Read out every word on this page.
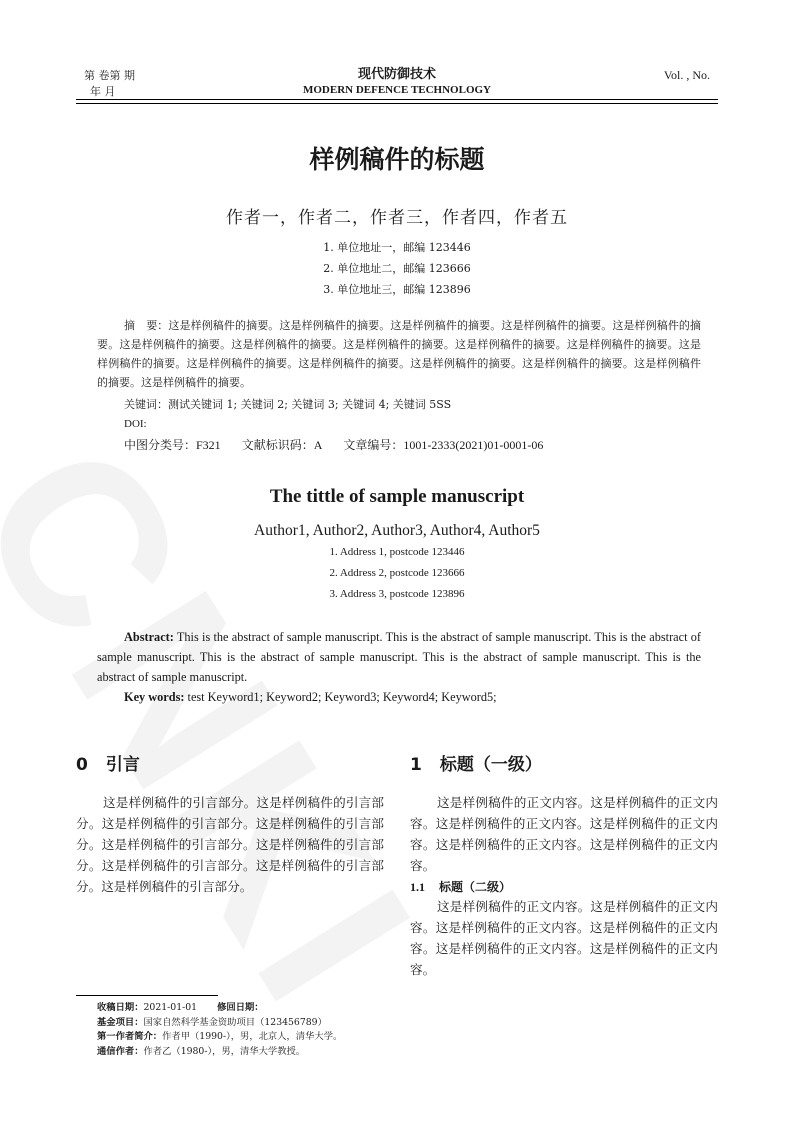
第 卷第 期
年 月
现代防御技术
MODERN DEFENCE TECHNOLOGY
Vol. , No.
样例稿件的标题
作者一，作者二，作者三，作者四，作者五
1. 单位地址一，邮编 123446
2. 单位地址二，邮编 123666
3. 单位地址三，邮编 123896
摘　要：这是样例稿件的摘要。这是样例稿件的摘要。这是样例稿件的摘要。这是样例稿件的摘要。这是样例稿件的摘要。这是样例稿件的摘要。这是样例稿件的摘要。这是样例稿件的摘要。这是样例稿件的摘要。这是样例稿件的摘要。这是样例稿件的摘要。这是样例稿件的摘要。这是样例稿件的摘要。这是样例稿件的摘要。这是样例稿件的摘要。这是样例稿件的摘要。这是样例稿件的摘要。
关键词：测试关键词 1; 关键词 2; 关键词 3; 关键词 4; 关键词 5SS
DOI:
中图分类号：F321 文献标识码：A 文章编号：1001-2333(2021)01-0001-06
The tittle of sample manuscript
Author1, Author2, Author3, Author4, Author5
1. Address 1, postcode 123446
2. Address 2, postcode 123666
3. Address 3, postcode 123896
Abstract: This is the abstract of sample manuscript. This is the abstract of sample manuscript. This is the abstract of sample manuscript. This is the abstract of sample manuscript. This is the abstract of sample manuscript. This is the abstract of sample manuscript.
Key words: test Keyword1; Keyword2; Keyword3; Keyword4; Keyword5;
0 引言
这是样例稿件的引言部分。这是样例稿件的引言部分。这是样例稿件的引言部分。这是样例稿件的引言部分。这是样例稿件的引言部分。这是样例稿件的引言部分。这是样例稿件的引言部分。这是样例稿件的引言部分。这是样例稿件的引言部分。
1 标题（一级）
这是样例稿件的正文内容。这是样例稿件的正文内容。这是样例稿件的正文内容。这是样例稿件的正文内容。这是样例稿件的正文内容。这是样例稿件的正文内容。
1.1 标题（二级）
这是样例稿件的正文内容。这是样例稿件的正文内容。这是样例稿件的正文内容。这是样例稿件的正文内容。这是样例稿件的正文内容。这是样例稿件的正文内容。
收稿日期：2021-01-01 修回日期：
基金项目：国家自然科学基金资助项目（123456789）
第一作者简介：作者甲（1990-），男，北京人，清华大学。
通信作者：作者乙（1980-），男，清华大学教授。
